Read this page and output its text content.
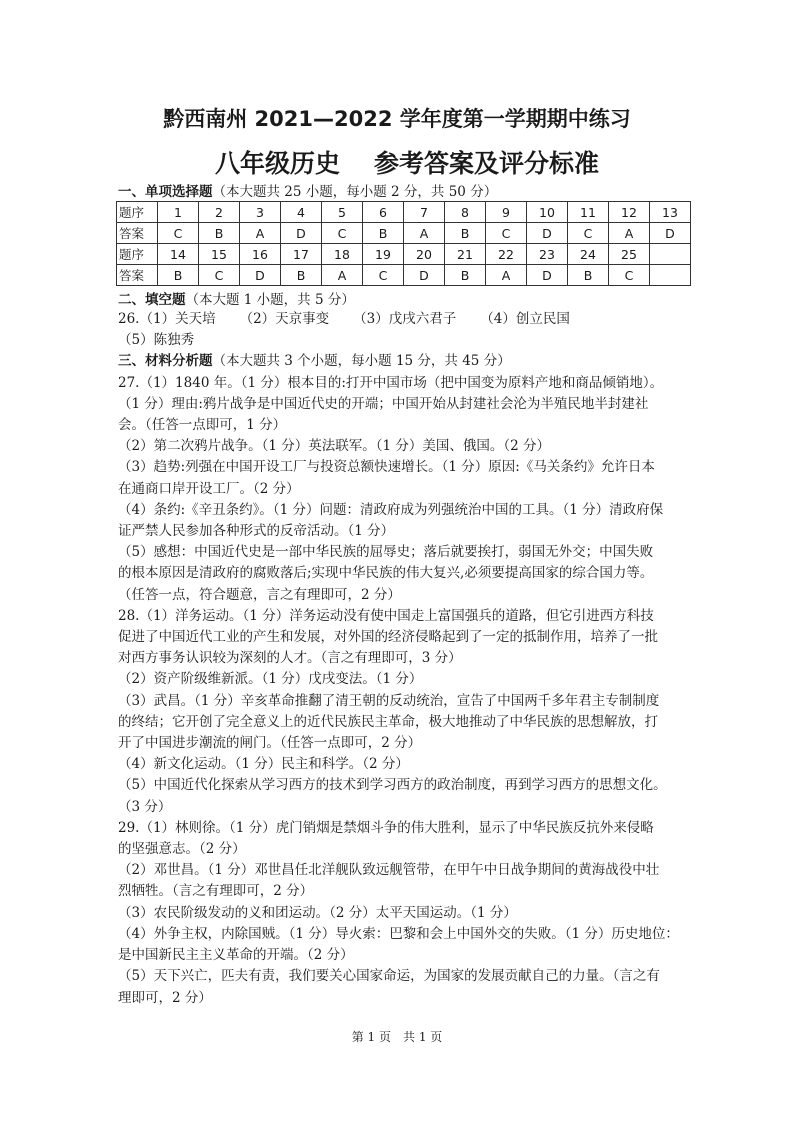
黔西南州 2021—2022 学年度第一学期期中练习
八年级历史 参考答案及评分标准
一、单项选择题（本大题共 25 小题，每小题 2 分，共 50 分）
题序	1	2	3	4	5	6	7	8	9	10	11	12	13
答案	C	B	A	D	C	B	A	B	C	D	C	A	D
题序	14	15	16	17	18	19	20	21	22	23	24	25	
答案	B	C	D	B	A	C	D	B	A	D	B	C	
二、填空题（本大题 1 小题，共 5 分）

26.（1）关天培 （2）天京事变 （3）戊戌六君子 （4）创立民国（5）陈独秀

三、材料分析题（本大题共 3 个小题，每小题 15 分，共 45 分）

27.（1）1840 年。（1 分）根本目的:打开中国市场（把中国变为原料产地和商品倾销地）。

（1 分）理由:鸦片战争是中国近代史的开端；中国开始从封建社会沦为半殖民地半封建社

会。（任答一点即可，1 分）

（2）第二次鸦片战争。（1 分）英法联军。（1 分）美国、俄国。（2 分）

（3）趋势:列强在中国开设工厂与投资总额快速增长。（1 分）原因:《马关条约》允许日本

在通商口岸开设工厂。（2 分）

（4）条约:《辛丑条约》。（1 分）问题：清政府成为列强统治中国的工具。（1 分）清政府保

证严禁人民参加各种形式的反帝活动。（1 分）

（5）感想：中国近代史是一部中华民族的屈辱史；落后就要挨打，弱国无外交；中国失败

的根本原因是清政府的腐败落后;实现中华民族的伟大复兴,必须要提高国家的综合国力等。

（任答一点，符合题意，言之有理即可，2 分）

28.（1）洋务运动。（1 分）洋务运动没有使中国走上富国强兵的道路，但它引进西方科技

促进了中国近代工业的产生和发展，对外国的经济侵略起到了一定的抵制作用，培养了一批

对西方事务认识较为深刻的人才。（言之有理即可，3 分）

（2）资产阶级维新派。（1 分）戊戌变法。（1 分）

（3）武昌。（1 分）辛亥革命推翻了清王朝的反动统治，宣告了中国两千多年君主专制制度

的终结；它开创了完全意义上的近代民族民主革命，极大地推动了中华民族的思想解放，打

开了中国进步潮流的闸门。（任答一点即可，2 分）

（4）新文化运动。（1 分）民主和科学。（2 分）

（5）中国近代化探索从学习西方的技术到学习西方的政治制度，再到学习西方的思想文化。

（3 分）

29.（1）林则徐。（1 分）虎门销烟是禁烟斗争的伟大胜利，显示了中华民族反抗外来侵略

的坚强意志。（2 分）

（2）邓世昌。（1 分）邓世昌任北洋舰队致远舰管带，在甲午中日战争期间的黄海战役中壮

烈牺牲。（言之有理即可，2 分）

（3）农民阶级发动的义和团运动。（2 分）太平天国运动。（1 分）

（4）外争主权，内除国贼。（1 分）导火索：巴黎和会上中国外交的失败。（1 分）历史地位：

是中国新民主主义革命的开端。（2 分）

（5）天下兴亡，匹夫有责，我们要关心国家命运，为国家的发展贡献自己的力量。（言之有

理即可，2 分）

第 1 页　共 1 页
